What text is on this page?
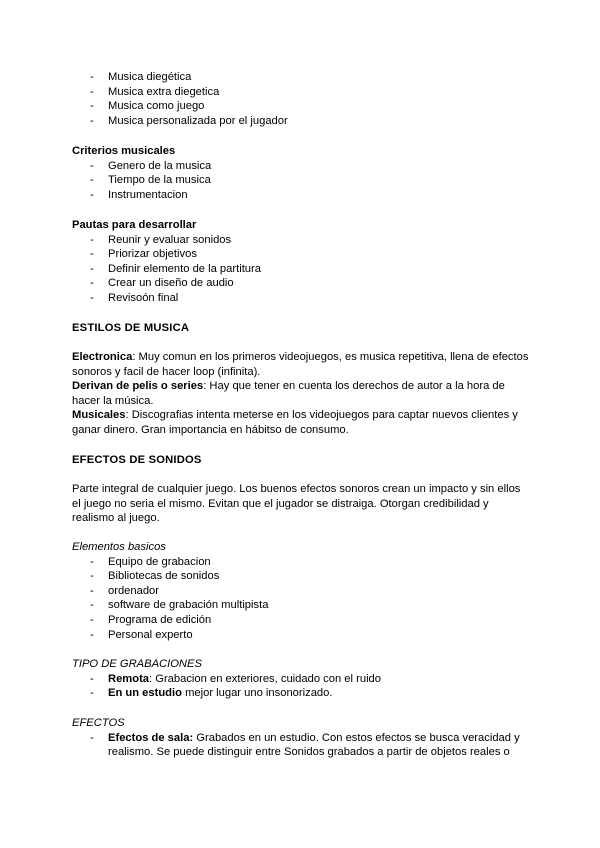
- Musica diegética
- Musica extra diegetica
- Musica como juego
- Musica personalizada por el jugador
Criterios musicales
- Genero de la musica
- Tiempo de la musica
- Instrumentacion
Pautas para desarrollar
- Reunir y evaluar sonidos
- Priorizar objetivos
- Definir elemento de la partitura
- Crear un diseño de audio
- Revisoón final
ESTILOS DE MUSICA

Electronica: Muy comun en los primeros videojuegos, es musica repetitiva, llena de efectos sonoros y facil de hacer loop (infinita).

Derivan de pelis o series: Hay que tener en cuenta los derechos de autor a la hora de hacer la música.

Musicales: Discografias intenta meterse en los videojuegos para captar nuevos clientes y ganar dinero. Gran importancia en hábitso de consumo.

EFECTOS DE SONIDOS
Parte integral de cualquier juego. Los buenos efectos sonoros crean un impacto y sin ellos el juego no seria el mismo. Evitan que el jugador se distraiga. Otorgan credibilidad y realismo al juego.
Elementos basicos
- Equipo de grabacion
- Bibliotecas de sonidos
- ordenador
- software de grabación multipista
- Programa de edición
- Personal experto
TIPO DE GRABACIONES
- Remota: Grabacion en exteriores, cuidado con el ruido
- En un estudio mejor lugar uno insonorizado.
EFECTOS
- Efectos de sala: Grabados en un estudio. Con estos efectos se busca veracidad y realismo. Se puede distinguir entre Sonidos grabados a partir de objetos reales o
